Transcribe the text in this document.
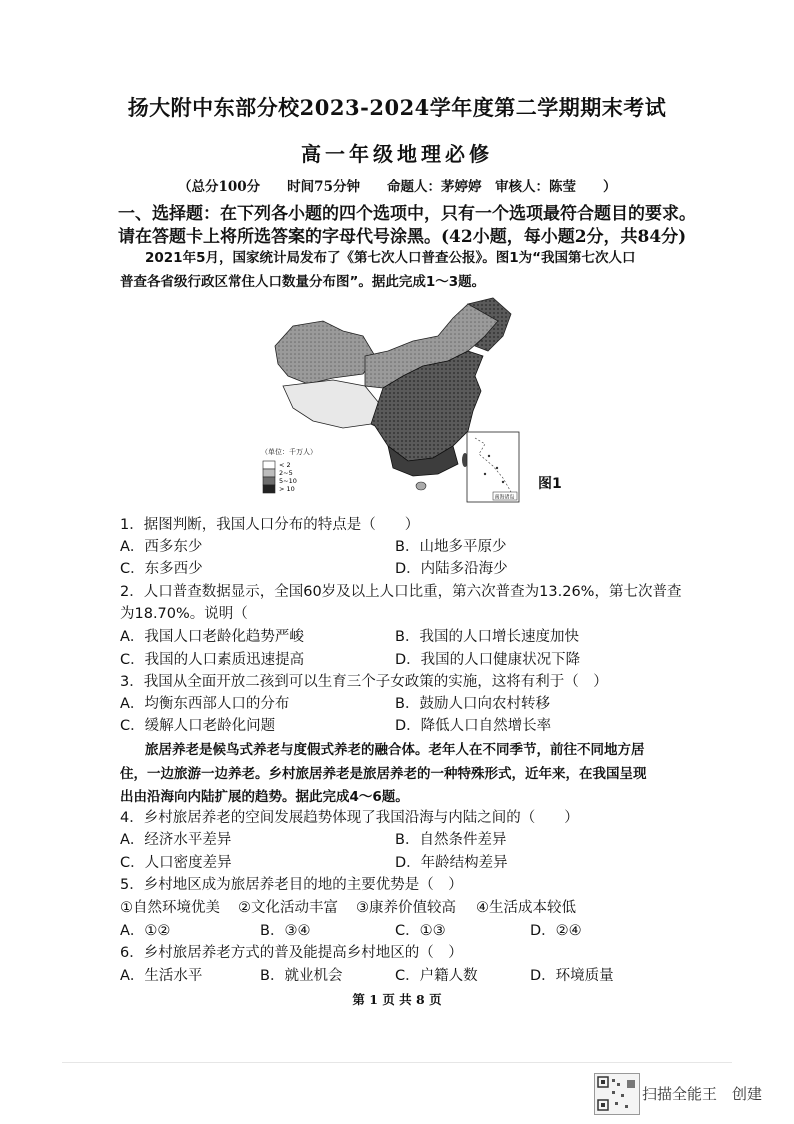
扬大附中东部分校2023-2024学年度第二学期期末考试
高一年级地理必修
（总分100分　　时间75分钟　　命题人：茅婷婷　审核人：陈莹　　）
一、选择题：在下列各小题的四个选项中，只有一个选项最符合题目的要求。
请在答题卡上将所选答案的字母代号涂黑。(42小题，每小题2分，共84分)
2021年5月，国家统计局发布了《第七次人口普查公报》。图1为“我国第七次人口
普查各省级行政区常住人口数量分布图”。据此完成1～3题。
（单位：千万人）
< 2
2~5
5~10
> 10
南海诸岛
图1
1．据图判断，我国人口分布的特点是（　　）
A．西多东少	B．山地多平原少
C．东多西少	D．内陆多沿海少
2．人口普查数据显示，全国60岁及以上人口比重，第六次普查为13.26%，第七次普查
为18.70%。说明（
A．我国人口老龄化趋势严峻	B．我国的人口增长速度加快
C．我国的人口素质迅速提高	D．我国的人口健康状况下降
3．我国从全面开放二孩到可以生育三个子女政策的实施，这将有利于（　）
A．均衡东西部人口的分布	B．鼓励人口向农村转移
C．缓解人口老龄化问题	D．降低人口自然增长率
旅居养老是候鸟式养老与度假式养老的融合体。老年人在不同季节，前往不同地方居
住，一边旅游一边养老。乡村旅居养老是旅居养老的一种特殊形式，近年来，在我国呈现
出由沿海向内陆扩展的趋势。据此完成4～6题。
4．乡村旅居养老的空间发展趋势体现了我国沿海与内陆之间的（　　）
A．经济水平差异	B．自然条件差异
C．人口密度差异	D．年龄结构差异
5．乡村地区成为旅居养老目的地的主要优势是（　）
①自然环境优美 ②文化活动丰富 ③康养价值较高 ④生活成本较低
A．①②	B．③④	C．①③	D．②④
6．乡村旅居养老方式的普及能提高乡村地区的（　）
A．生活水平	B．就业机会	C．户籍人数	D．环境质量
第 1 页 共 8 页
扫描全能王　创建
